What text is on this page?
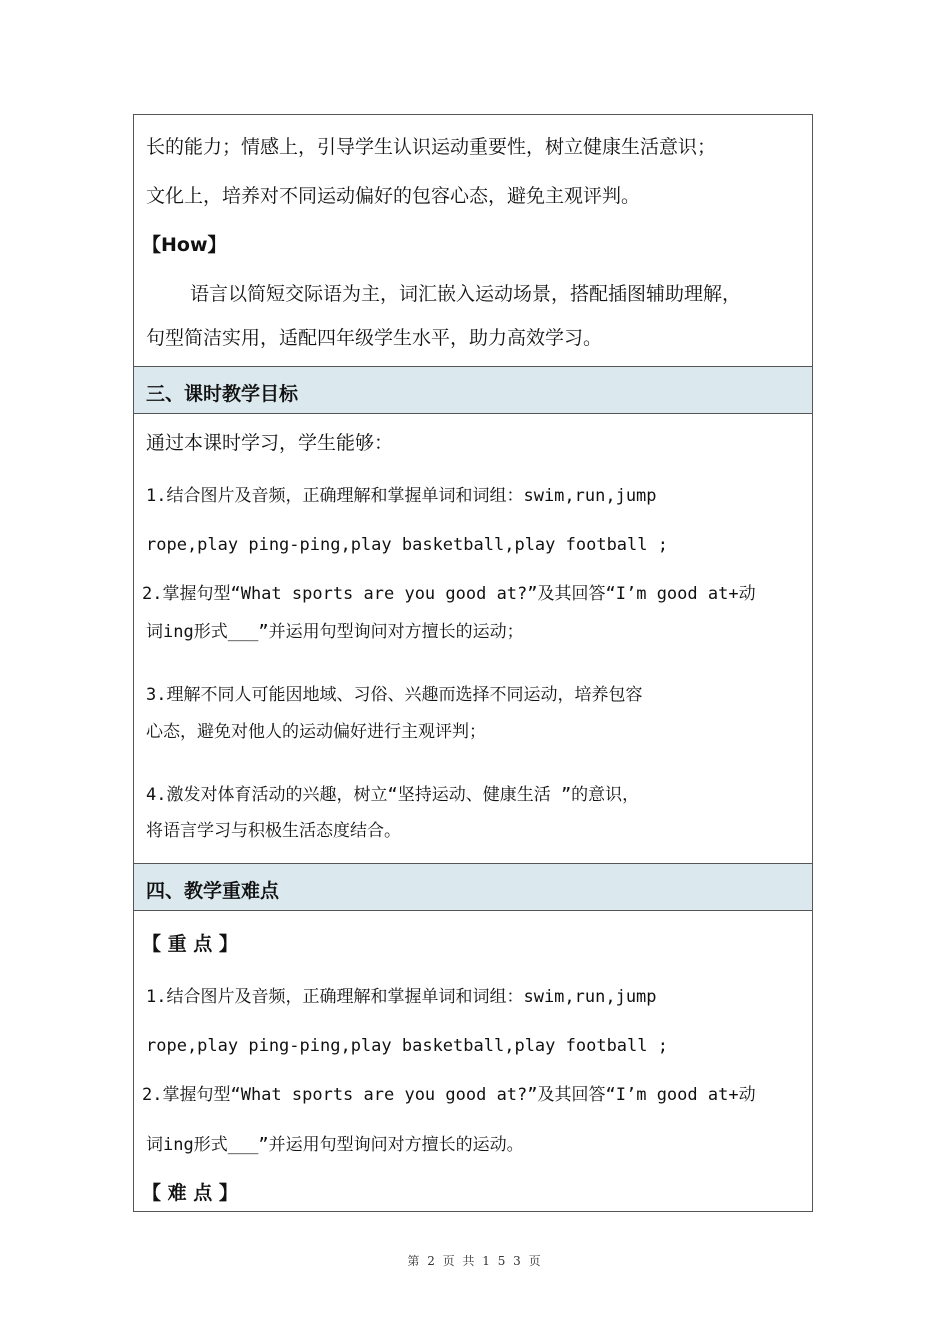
长的能力；情感上，引导学生认识运动重要性，树立健康生活意识；
文化上，培养对不同运动偏好的包容心态，避免主观评判。
【How】
语言以简短交际语为主，词汇嵌入运动场景，搭配插图辅助理解，
句型简洁实用，适配四年级学生水平，助力高效学习。
三、课时教学目标
通过本课时学习，学生能够：
1.结合图片及音频，正确理解和掌握单词和词组：swim,run,jump
rope,play ping-ping,play basketball,play football ;
2.掌握句型“What sports are you good at?”及其回答“I’m good at+动
词ing形式___”并运用句型询问对方擅长的运动；
3.理解不同人可能因地域、习俗、兴趣而选择不同运动，培养包容
心态，避免对他人的运动偏好进行主观评判；
4.激发对体育活动的兴趣，树立“坚持运动、健康生活 ”的意识，
将语言学习与积极生活态度结合。
四、教学重难点
【 重 点 】
1.结合图片及音频，正确理解和掌握单词和词组：swim,run,jump
rope,play ping-ping,play basketball,play football ;
2.掌握句型“What sports are you good at?”及其回答“I’m good at+动
词ing形式___”并运用句型询问对方擅长的运动。
【 难 点 】
第 2 页 共 1 5 3 页
